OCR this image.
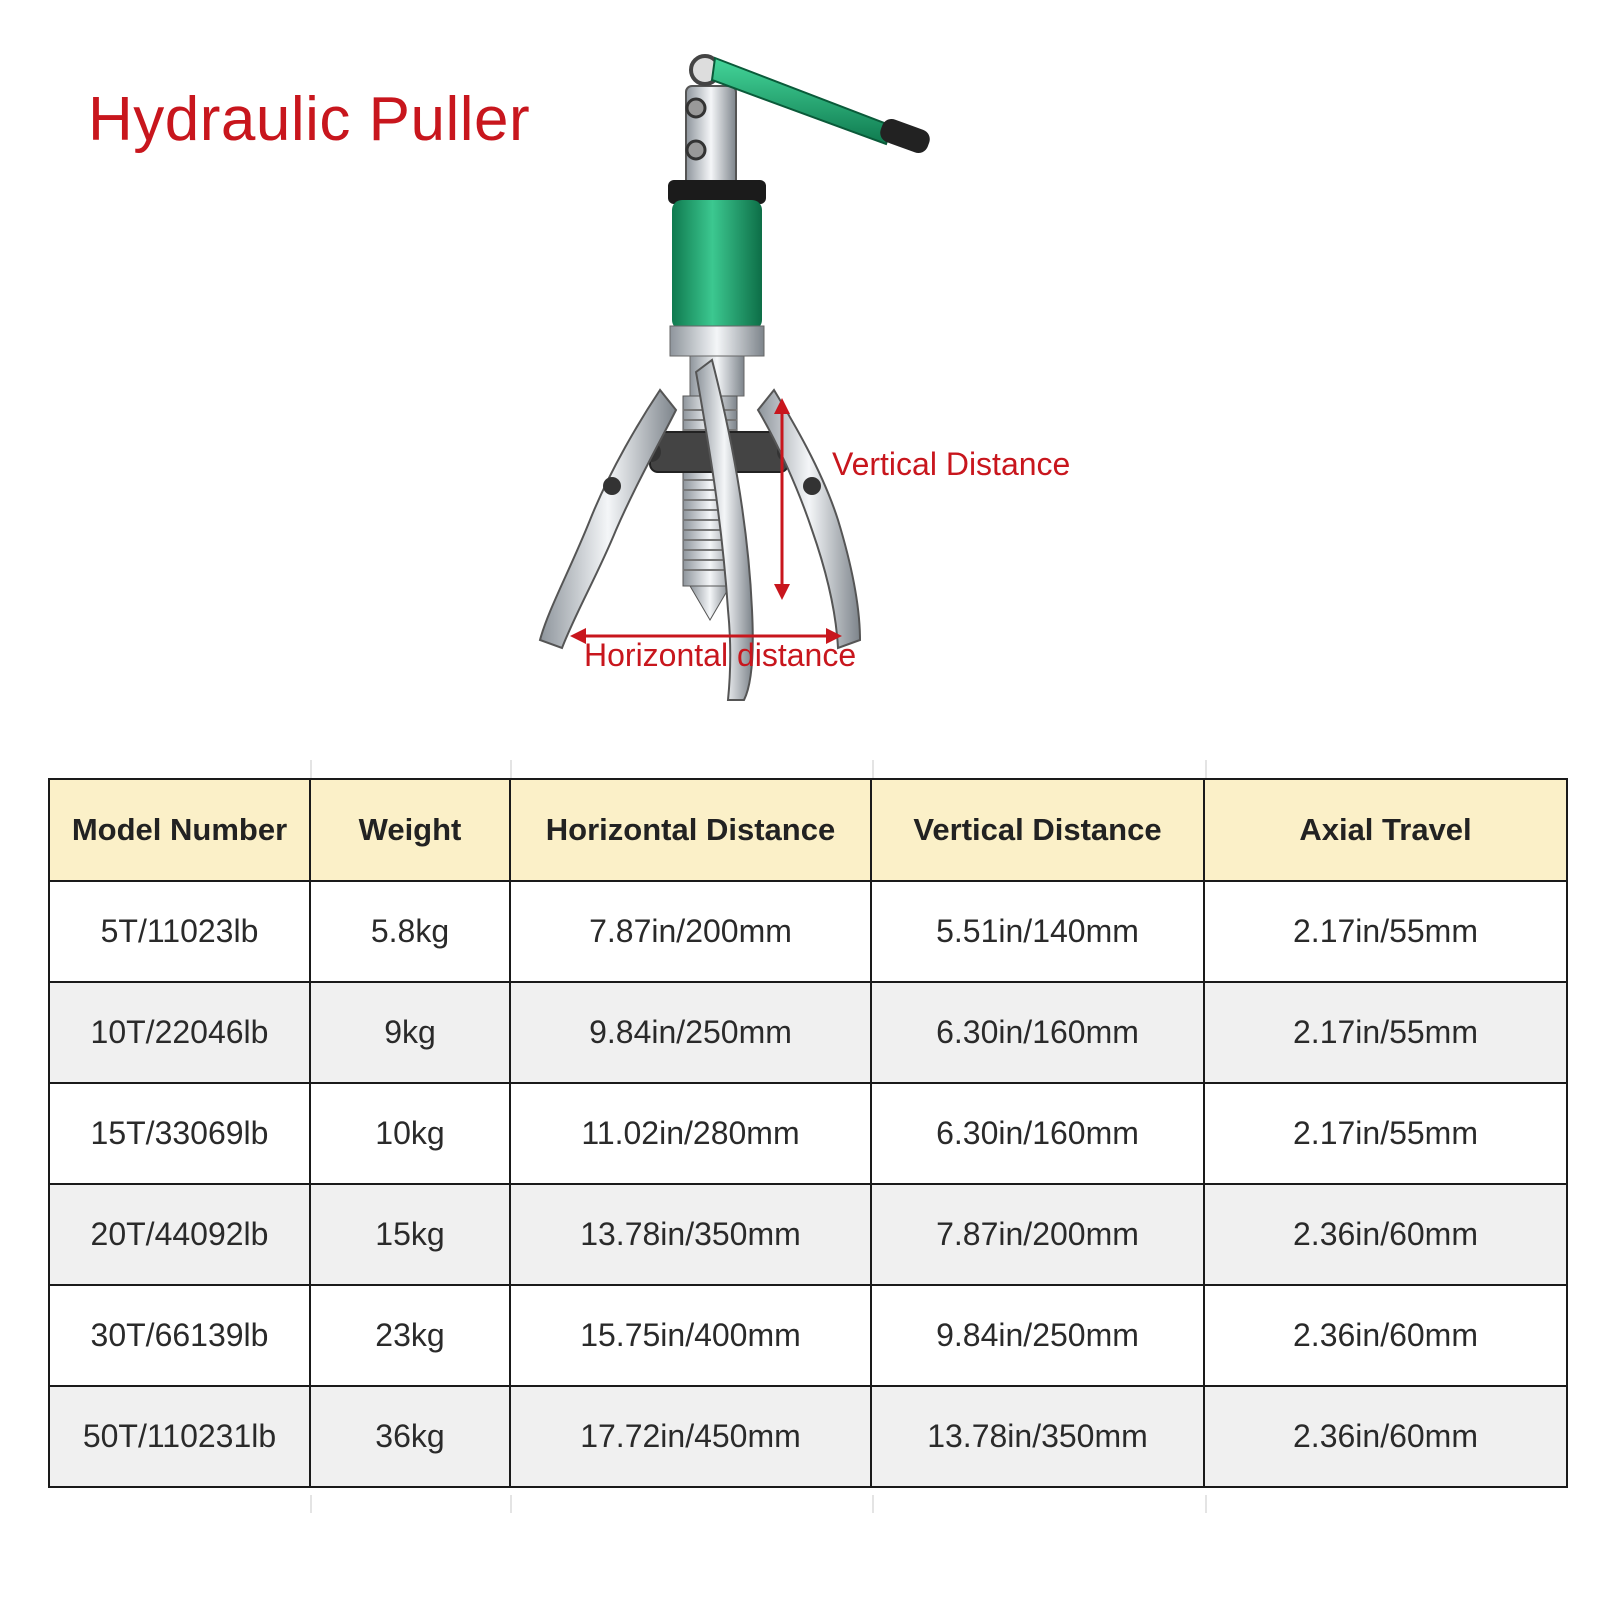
Hydraulic Puller
Vertical Distance
Horizontal distance
Model Number	Weight	Horizontal Distance	Vertical Distance	Axial Travel
5T/11023lb	5.8kg	7.87in/200mm	5.51in/140mm	2.17in/55mm
10T/22046lb	9kg	9.84in/250mm	6.30in/160mm	2.17in/55mm
15T/33069lb	10kg	11.02in/280mm	6.30in/160mm	2.17in/55mm
20T/44092lb	15kg	13.78in/350mm	7.87in/200mm	2.36in/60mm
30T/66139lb	23kg	15.75in/400mm	9.84in/250mm	2.36in/60mm
50T/110231lb	36kg	17.72in/450mm	13.78in/350mm	2.36in/60mm
